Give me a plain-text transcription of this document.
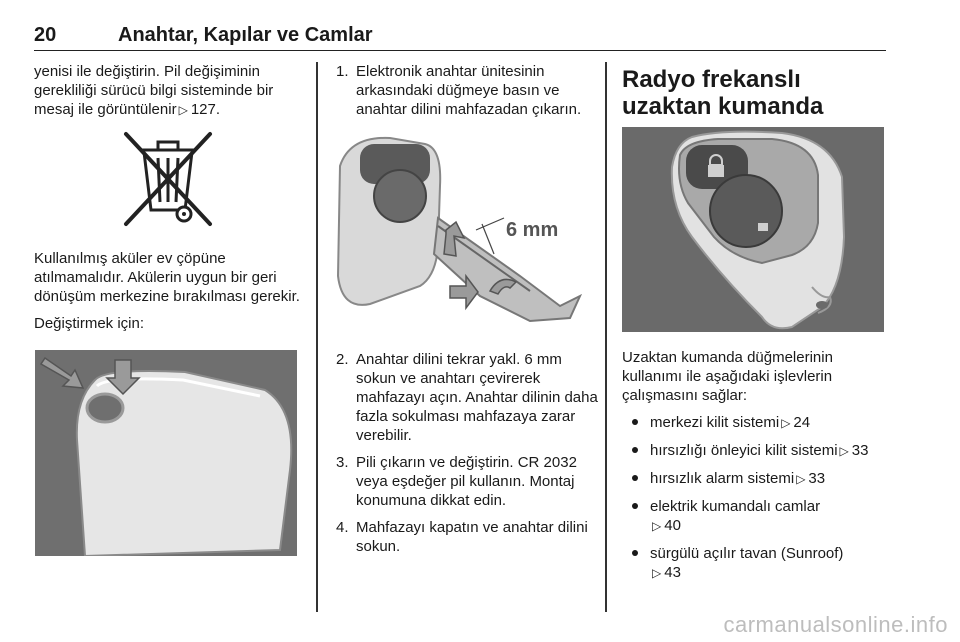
20	Anahtar, Kapılar ve Camlar

yenisi ile değiştirin. Pil değişiminin gerekliliği sürücü bilgi sisteminde bir mesaj ile görüntülenir ▷ 127.

Kullanılmış aküler ev çöpüne atılmamalıdır. Akülerin uygun bir geri dönüşüm merkezine bırakılması gerekir.

Değiştirmek için:

1. Elektronik anahtar ünitesinin arkasındaki düğmeye basın ve anahtar dilini mahfazadan çıkarın.
6 mm
2. Anahtar dilini tekrar yakl. 6 mm sokun ve anahtarı çevirerek mahfazayı açın. Anahtar dilinin daha fazla sokulması mahfazaya zarar verebilir.
3. Pili çıkarın ve değiştirin. CR 2032 veya eşdeğer pil kullanın. Montaj konumuna dikkat edin.
4. Mahfazayı kapatın ve anahtar dilini sokun.
Radyo frekanslı uzaktan kumanda

Uzaktan kumanda düğmelerinin kullanımı ile aşağıdaki işlevlerin çalışmasını sağlar:

merkezi kilit sistemi ▷ 24
hırsızlığı önleyici kilit sistemi ▷ 33
hırsızlık alarm sistemi ▷ 33
elektrik kumandalı camlar
▷ 40
sürgülü açılır tavan (Sunroof)
▷ 43
carmanualsonline.info
